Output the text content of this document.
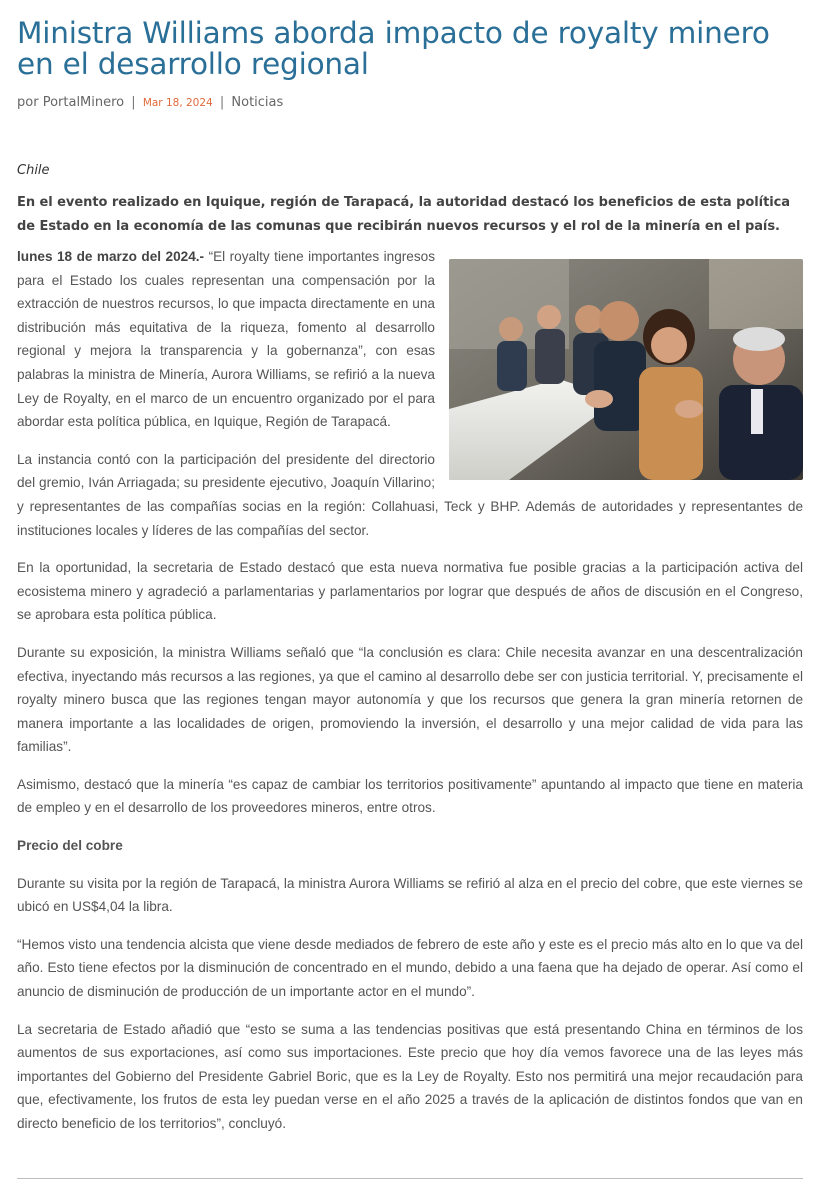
Ministra Williams aborda impacto de royalty minero en el desarrollo regional
por PortalMinero | Mar 18, 2024 | Noticias
Chile
En el evento realizado en Iquique, región de Tarapacá, la autoridad destacó los beneficios de esta política de Estado en la economía de las comunas que recibirán nuevos recursos y el rol de la minería en el país.

lunes 18 de marzo del 2024.- “El royalty tiene importantes ingresos para el Estado los cuales representan una compensación por la extracción de nuestros recursos, lo que impacta directamente en una distribución más equitativa de la riqueza, fomento al desarrollo regional y mejora la transparencia y la gobernanza”, con esas palabras la ministra de Minería, Aurora Williams, se refirió a la nueva Ley de Royalty, en el marco de un encuentro organizado por el para abordar esta política pública, en Iquique, Región de Tarapacá.

La instancia contó con la participación del presidente del directorio del gremio, Iván Arriagada; su presidente ejecutivo, Joaquín Villarino; y representantes de las compañías socias en la región: Collahuasi, Teck y BHP. Además de autoridades y representantes de instituciones locales y líderes de las compañías del sector.

En la oportunidad, la secretaria de Estado destacó que esta nueva normativa fue posible gracias a la participación activa del ecosistema minero y agradeció a parlamentarias y parlamentarios por lograr que después de años de discusión en el Congreso, se aprobara esta política pública.

Durante su exposición, la ministra Williams señaló que “la conclusión es clara: Chile necesita avanzar en una descentralización efectiva, inyectando más recursos a las regiones, ya que el camino al desarrollo debe ser con justicia territorial. Y, precisamente el royalty minero busca que las regiones tengan mayor autonomía y que los recursos que genera la gran minería retornen de manera importante a las localidades de origen, promoviendo la inversión, el desarrollo y una mejor calidad de vida para las familias”.

Asimismo, destacó que la minería “es capaz de cambiar los territorios positivamente” apuntando al impacto que tiene en materia de empleo y en el desarrollo de los proveedores mineros, entre otros.

Precio del cobre

Durante su visita por la región de Tarapacá, la ministra Aurora Williams se refirió al alza en el precio del cobre, que este viernes se ubicó en US$4,04 la libra.

“Hemos visto una tendencia alcista que viene desde mediados de febrero de este año y este es el precio más alto en lo que va del año. Esto tiene efectos por la disminución de concentrado en el mundo, debido a una faena que ha dejado de operar. Así como el anuncio de disminución de producción de un importante actor en el mundo”.

La secretaria de Estado añadió que “esto se suma a las tendencias positivas que está presentando China en términos de los aumentos de sus exportaciones, así como sus importaciones. Este precio que hoy día vemos favorece una de las leyes más importantes del Gobierno del Presidente Gabriel Boric, que es la Ley de Royalty. Esto nos permitirá una mejor recaudación para que, efectivamente, los frutos de esta ley puedan verse en el año 2025 a través de la aplicación de distintos fondos que van en directo beneficio de los territorios”, concluyó.
